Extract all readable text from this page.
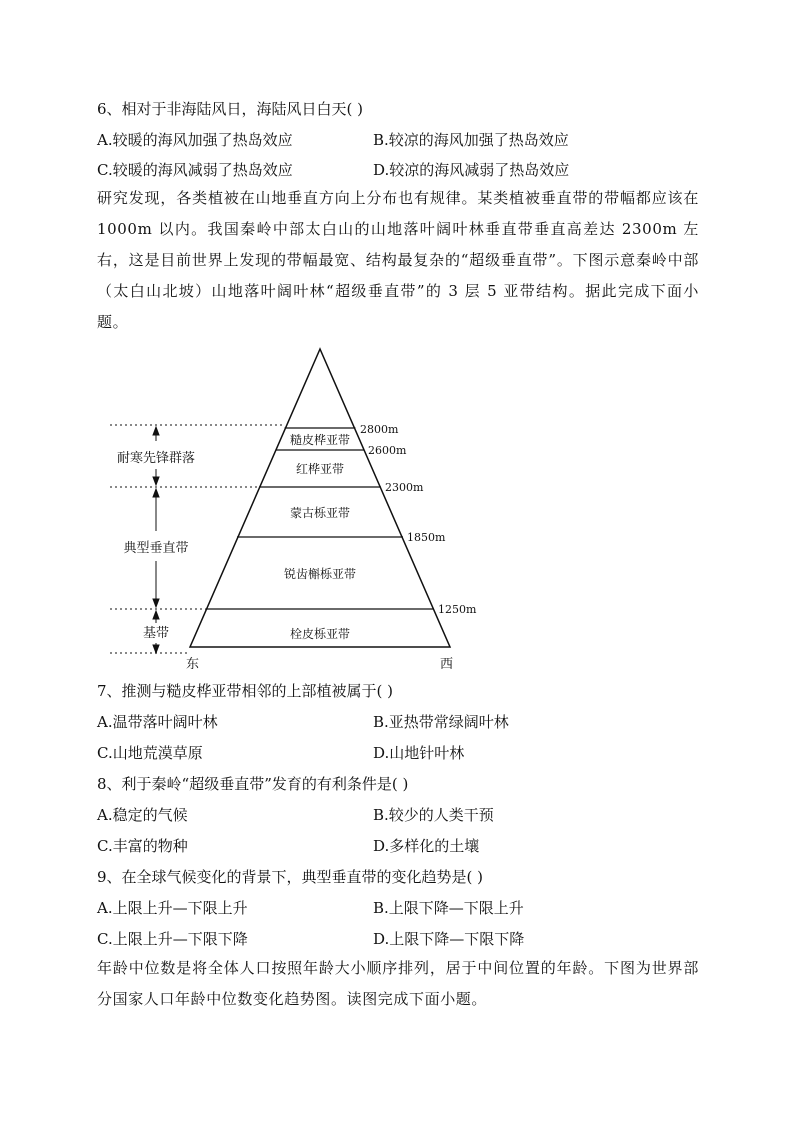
6、相对于非海陆风日，海陆风日白天( )
A.较暖的海风加强了热岛效应	B.较凉的海风加强了热岛效应
C.较暖的海风减弱了热岛效应	D.较凉的海风减弱了热岛效应
研究发现，各类植被在山地垂直方向上分布也有规律。某类植被垂直带的带幅都应该在 1000m 以内。我国秦岭中部太白山的山地落叶阔叶林垂直带垂直高差达 2300m 左右，这是目前世界上发现的带幅最宽、结构最复杂的“超级垂直带”。下图示意秦岭中部（太白山北坡）山地落叶阔叶林“超级垂直带”的 3 层 5 亚带结构。据此完成下面小题。
耐寒先锋群落
典型垂直带
基带
糙皮桦亚带
红桦亚带
蒙古栎亚带
锐齿槲栎亚带
栓皮栎亚带
2800m
2600m
2300m
1850m
1250m
东	西
7、推测与糙皮桦亚带相邻的上部植被属于( )
A.温带落叶阔叶林	B.亚热带常绿阔叶林
C.山地荒漠草原	D.山地针叶林
8、利于秦岭“超级垂直带”发育的有利条件是( )
A.稳定的气候	B.较少的人类干预
C.丰富的物种	D.多样化的土壤
9、在全球气候变化的背景下，典型垂直带的变化趋势是( )
A.上限上升—下限上升	B.上限下降—下限上升
C.上限上升—下限下降	D.上限下降—下限下降
年龄中位数是将全体人口按照年龄大小顺序排列，居于中间位置的年龄。下图为世界部分国家人口年龄中位数变化趋势图。读图完成下面小题。
